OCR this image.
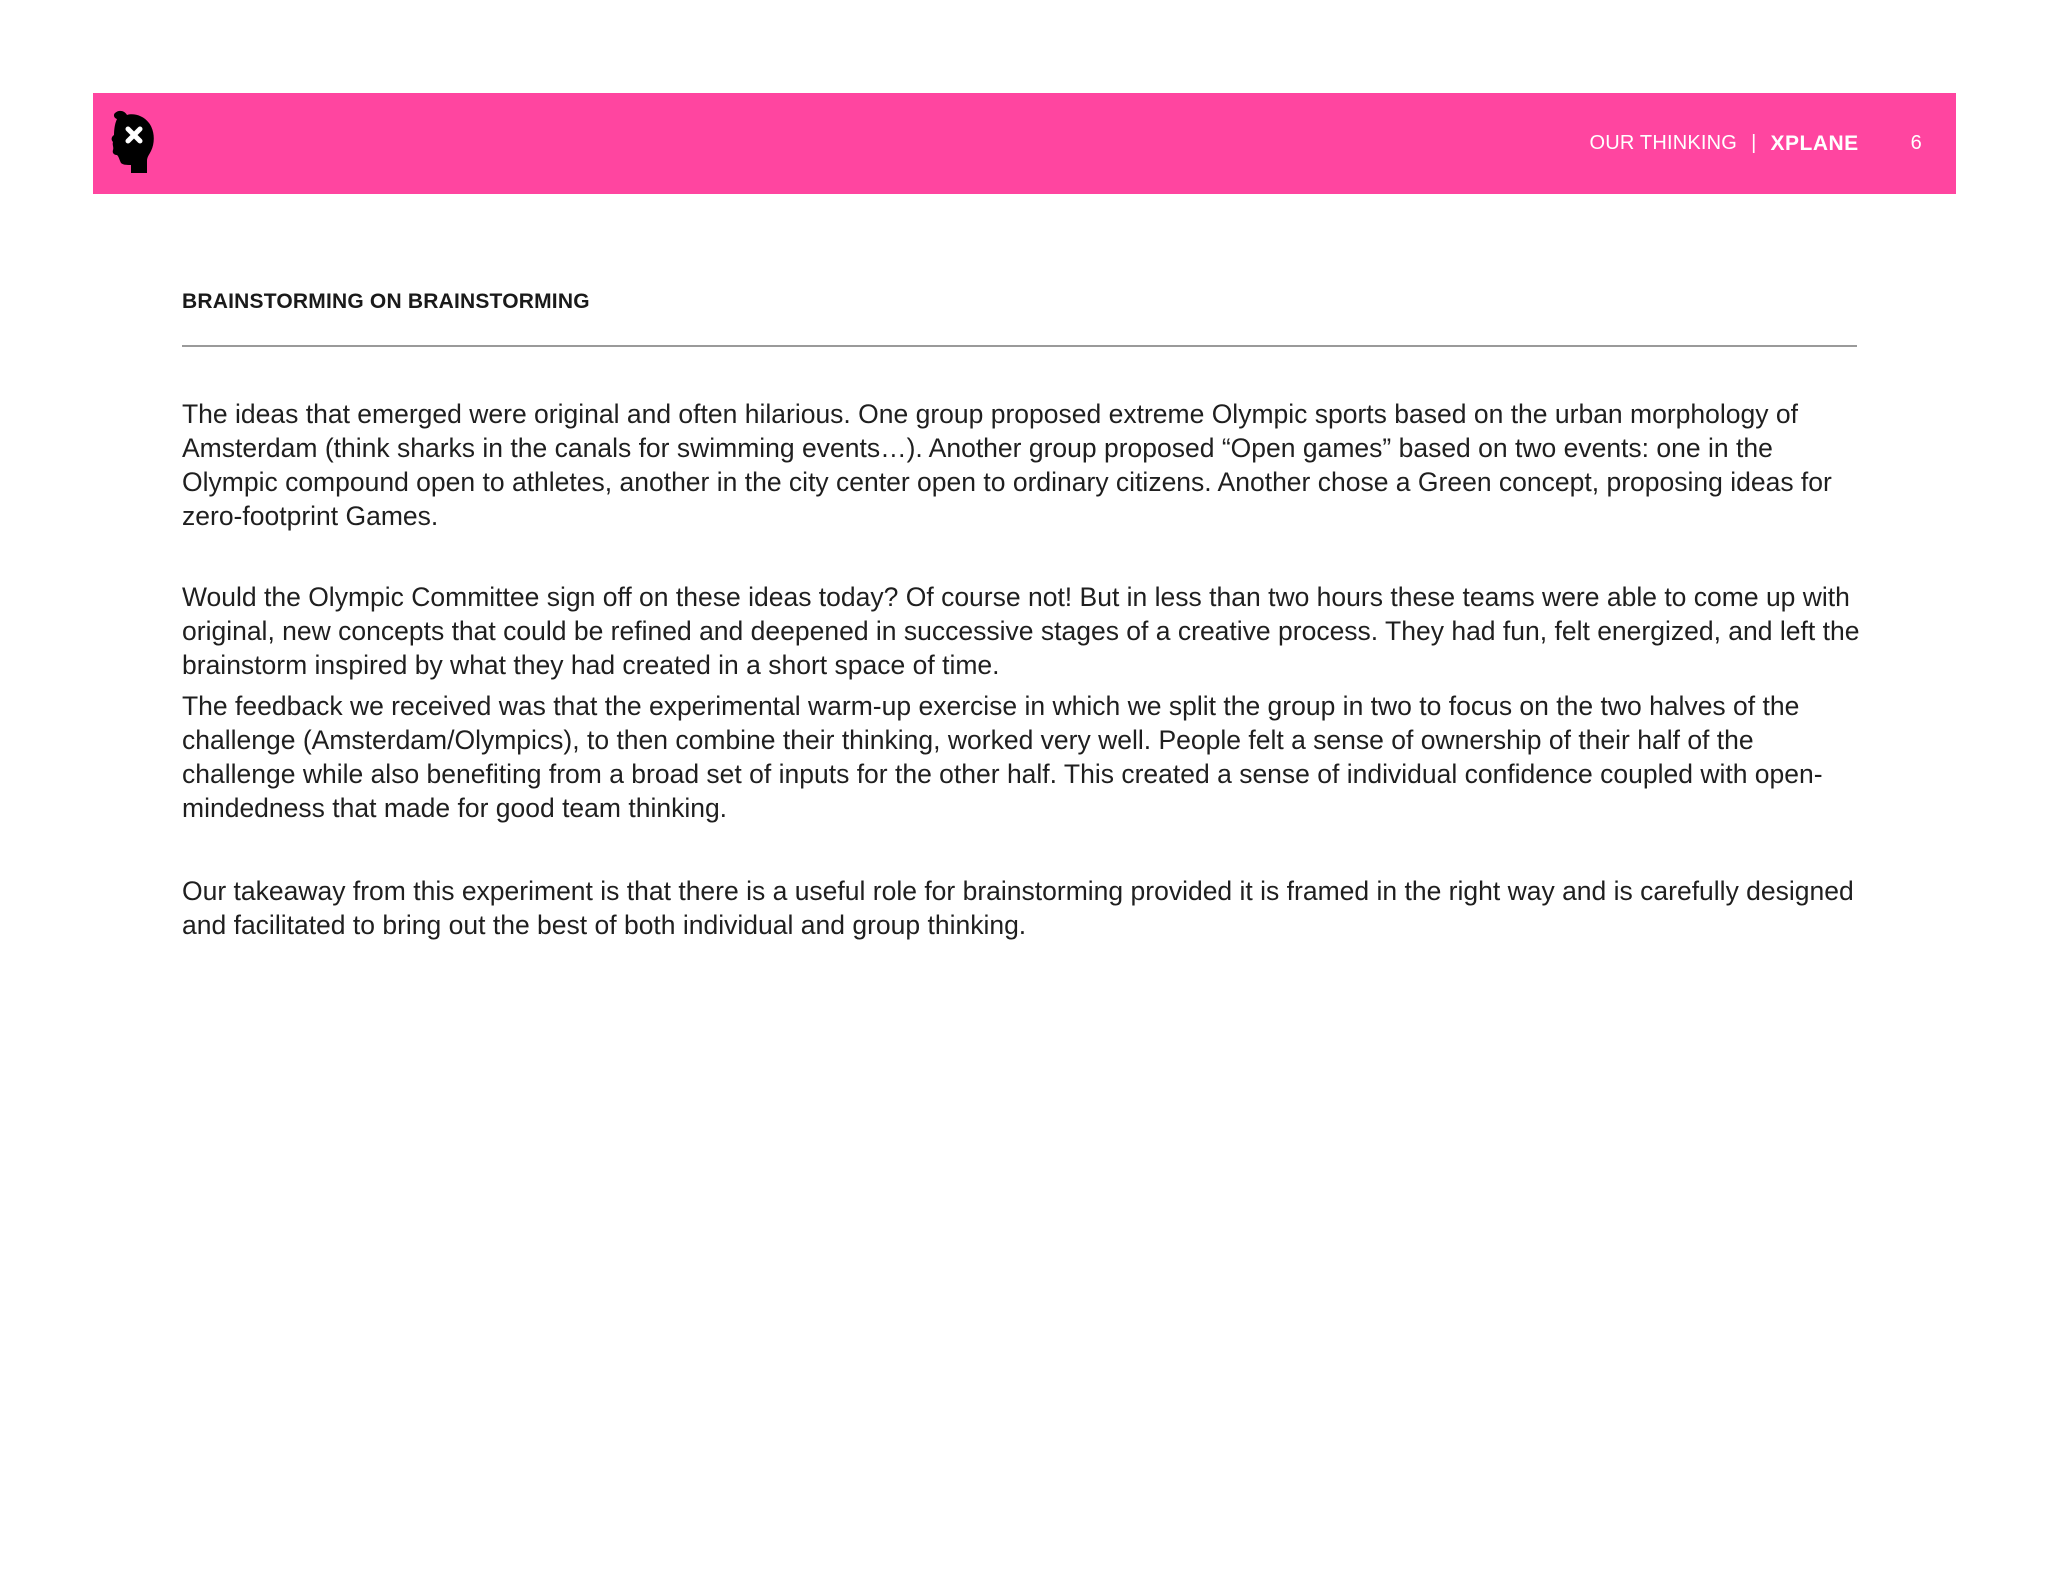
OUR THINKING | XPLANE	6
BRAINSTORMING ON BRAINSTORMING

The ideas that emerged were original and often hilarious. One group proposed extreme Olympic sports based on the urban morphology of Amsterdam (think sharks in the canals for swimming events…). Another group proposed “Open games” based on two events: one in the Olympic compound open to athletes, another in the city center open to ordinary citizens. Another chose a Green concept, proposing ideas for zero-footprint Games.

Would the Olympic Committee sign off on these ideas today? Of course not! But in less than two hours these teams were able to come up with original, new concepts that could be refined and deepened in successive stages of a creative process. They had fun, felt energized, and left the brainstorm inspired by what they had created in a short space of time.

The feedback we received was that the experimental warm-up exercise in which we split the group in two to focus on the two halves of the challenge (Amsterdam/Olympics), to then combine their thinking, worked very well. People felt a sense of ownership of their half of the challenge while also benefiting from a broad set of inputs for the other half. This created a sense of individual confidence coupled with open-mindedness that made for good team thinking.

Our takeaway from this experiment is that there is a useful role for brainstorming provided it is framed in the right way and is carefully designed and facilitated to bring out the best of both individual and group thinking.
